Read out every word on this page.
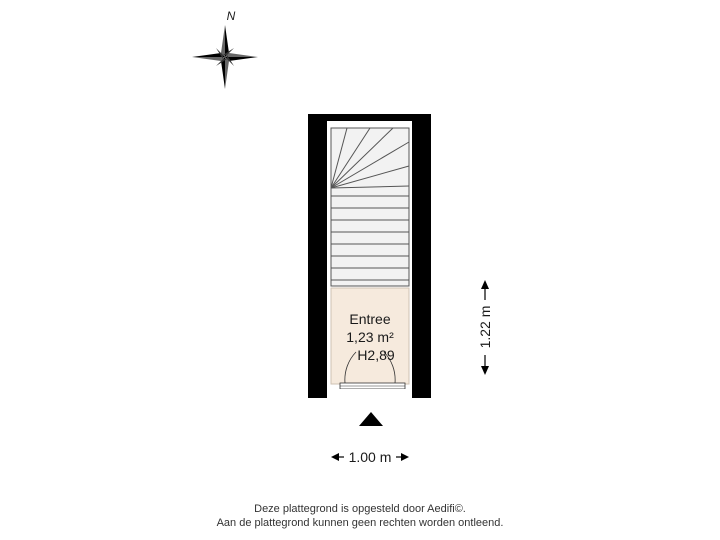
N
Entree
1,23 m²
H2,89
1.22 m
1.00 m
Deze plattegrond is opgesteld door Aedifi©.
Aan de plattegrond kunnen geen rechten worden ontleend.
